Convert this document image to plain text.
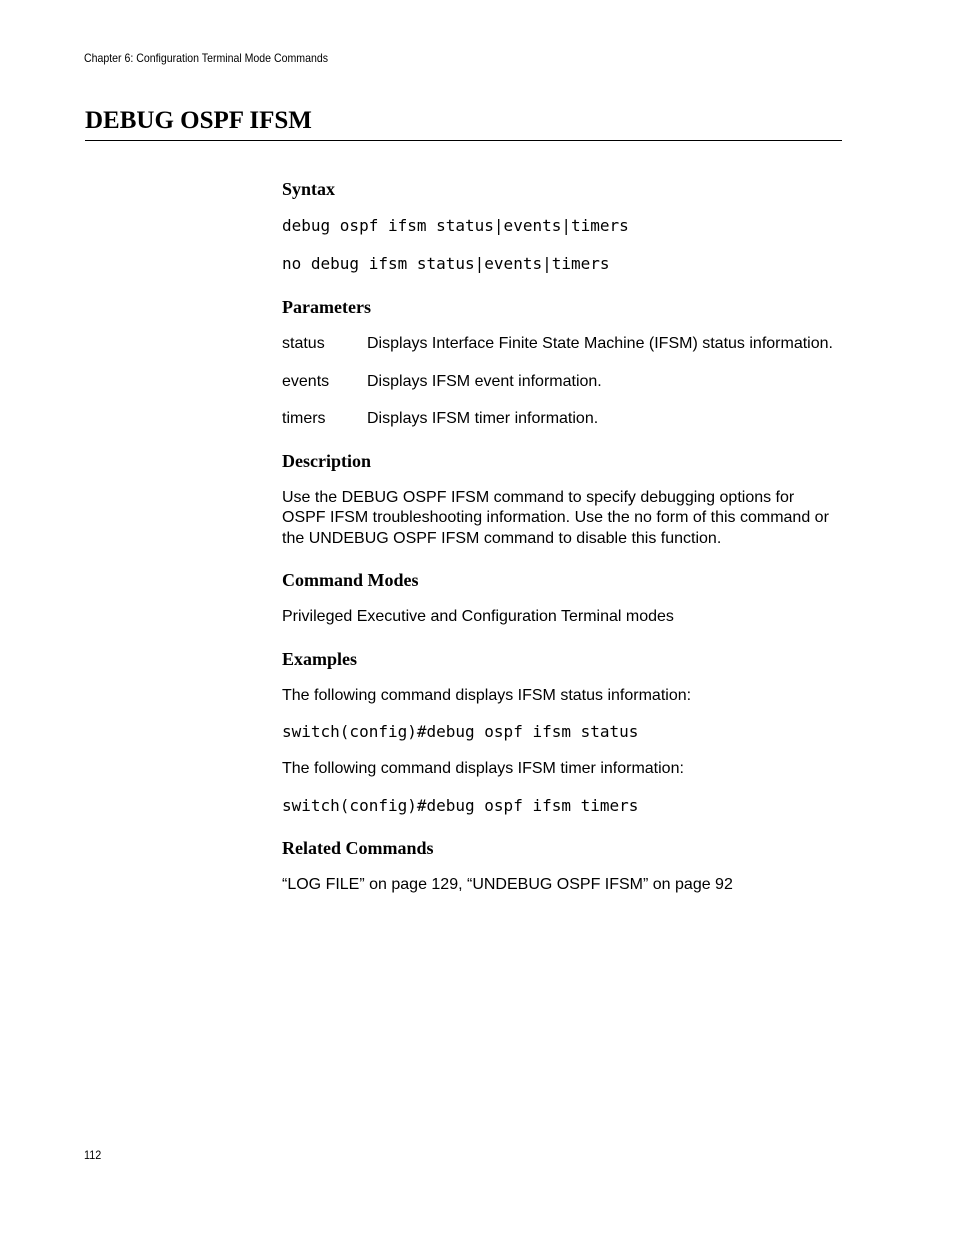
Chapter 6: Configuration Terminal Mode Commands
DEBUG OSPF IFSM
Syntax

debug ospf ifsm status|events|timers

no debug ifsm status|events|timers

Parameters
status	Displays Interface Finite State Machine (IFSM) status information.
events	Displays IFSM event information.
timers	Displays IFSM timer information.
Description

Use the DEBUG OSPF IFSM command to specify debugging options for OSPF IFSM troubleshooting information. Use the no form of this command or the UNDEBUG OSPF IFSM command to disable this function.

Command Modes

Privileged Executive and Configuration Terminal modes

Examples

The following command displays IFSM status information:

switch(config)#debug ospf ifsm status

The following command displays IFSM timer information:

switch(config)#debug ospf ifsm timers

Related Commands

“LOG FILE” on page 129, “UNDEBUG OSPF IFSM” on page 92

112
